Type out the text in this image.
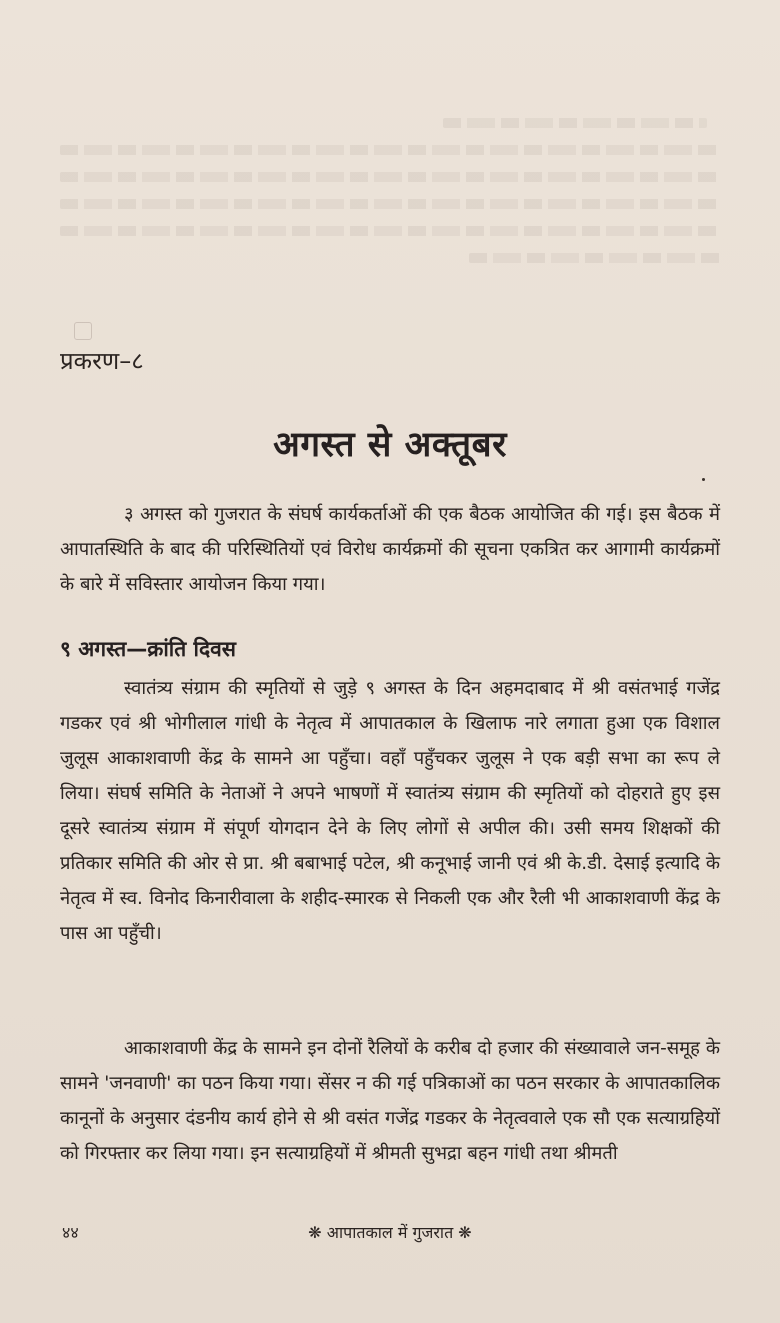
प्रकरण–८
अगस्त से अक्तूबर

३ अगस्त को गुजरात के संघर्ष कार्यकर्ताओं की एक बैठक आयोजित की गई। इस बैठक में आपातस्थिति के बाद की परिस्थितियों एवं विरोध कार्यक्रमों की सूचना एकत्रित कर आगामी कार्यक्रमों के बारे में सविस्तार आयोजन किया गया।

९ अगस्त—क्रांति दिवस

स्वातंत्र्य संग्राम की स्मृतियों से जुड़े ९ अगस्त के दिन अहमदाबाद में श्री वसंतभाई गजेंद्र गडकर एवं श्री भोगीलाल गांधी के नेतृत्व में आपातकाल के खिलाफ नारे लगाता हुआ एक विशाल जुलूस आकाशवाणी केंद्र के सामने आ पहुँचा। वहाँ पहुँचकर जुलूस ने एक बड़ी सभा का रूप ले लिया। संघर्ष समिति के नेताओं ने अपने भाषणों में स्वातंत्र्य संग्राम की स्मृतियों को दोहराते हुए इस दूसरे स्वातंत्र्य संग्राम में संपूर्ण योगदान देने के लिए लोगों से अपील की। उसी समय शिक्षकों की प्रतिकार समिति की ओर से प्रा. श्री बबाभाई पटेल, श्री कनूभाई जानी एवं श्री के.डी. देसाई इत्यादि के नेतृत्व में स्व. विनोद किनारीवाला के शहीद-स्मारक से निकली एक और रैली भी आकाशवाणी केंद्र के पास आ पहुँची।

आकाशवाणी केंद्र के सामने इन दोनों रैलियों के करीब दो हजार की संख्यावाले जन-समूह के सामने 'जनवाणी' का पठन किया गया। सेंसर न की गई पत्रिकाओं का पठन सरकार के आपातकालिक कानूनों के अनुसार दंडनीय कार्य होने से श्री वसंत गजेंद्र गडकर के नेतृत्ववाले एक सौ एक सत्याग्रहियों को गिरफ्तार कर लिया गया। इन सत्याग्रहियों में श्रीमती सुभद्रा बहन गांधी तथा श्रीमती

४४	❋ आपातकाल में गुजरात ❋
